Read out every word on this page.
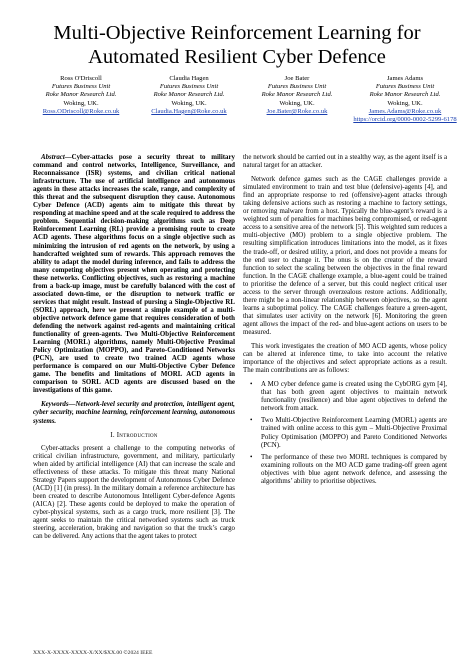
Multi-Objective Reinforcement Learning for Automated Resilient Cyber Defence
Ross O'Driscoll
Futures Business Unit
Roke Manor Research Ltd.
Woking, UK.
Ross.ODriscoll@Roke.co.uk
Claudia Hagen
Futures Business Unit
Roke Manor Research Ltd.
Woking, UK.
Claudia.Hagen@Roke.co.uk
Joe Bater
Futures Business Unit
Roke Manor Research Ltd.
Woking, UK.
Joe.Bater@Roke.co.uk
James Adams
Futures Business Unit
Roke Manor Research Ltd.
Woking, UK.
James.Adams@Roke.co.uk
https://orcid.org/0000-0002-5299-6178

Abstract—Cyber-attacks pose a security threat to military command and control networks, Intelligence, Surveillance, and Reconnaissance (ISR) systems, and civilian critical national infrastructure. The use of artificial intelligence and autonomous agents in these attacks increases the scale, range, and complexity of this threat and the subsequent disruption they cause. Autonomous Cyber Defence (ACD) agents aim to mitigate this threat by responding at machine speed and at the scale required to address the problem. Sequential decision-making algorithms such as Deep Reinforcement Learning (RL) provide a promising route to create ACD agents. These algorithms focus on a single objective such as minimizing the intrusion of red agents on the network, by using a handcrafted weighted sum of rewards. This approach removes the ability to adapt the model during inference, and fails to address the many competing objectives present when operating and protecting these networks. Conflicting objectives, such as restoring a machine from a back-up image, must be carefully balanced with the cost of associated down-time, or the disruption to network traffic or services that might result. Instead of pursing a Single-Objective RL (SORL) approach, here we present a simple example of a multi-objective network defence game that requires consideration of both defending the network against red-agents and maintaining critical functionality of green-agents. Two Multi-Objective Reinforcement Learning (MORL) algorithms, namely Multi-Objective Proximal Policy Optimization (MOPPO), and Pareto-Conditioned Networks (PCN), are used to create two trained ACD agents whose performance is compared on our Multi-Objective Cyber Defence game. The benefits and limitations of MORL ACD agents in comparison to SORL ACD agents are discussed based on the investigations of this game.

Keywords—Network-level security and protection, intelligent agent, cyber security, machine learning, reinforcement learning, autonomous systems.

I. Introduction

Cyber-attacks present a challenge to the computing networks of critical civilian infrastructure, government, and military, particularly when aided by artificial intelligence (AI) that can increase the scale and effectiveness of these attacks. To mitigate this threat many National Strategy Papers support the development of Autonomous Cyber Defence (ACD) [1] (in press). In the military domain a reference architecture has been created to describe Autonomous Intelligent Cyber-defence Agents (AICA) [2]. These agents could be deployed to make the operation of cyber-physical systems, such as a cargo truck, more resilient [3]. The agent seeks to maintain the critical networked systems such as truck steering, acceleration, braking and navigation so that the truck’s cargo can be delivered. Any actions that the agent takes to protect

the network should be carried out in a stealthy way, as the agent itself is a natural target for an attacker.

Network defence games such as the CAGE challenges provide a simulated environment to train and test blue (defensive)-agents [4], and find an appropriate response to red (offensive)-agent attacks through taking defensive actions such as restoring a machine to factory settings, or removing malware from a host. Typically the blue-agent’s reward is a weighted sum of penalties for machines being compromised, or red-agent access to a sensitive area of the network [5]. This weighted sum reduces a multi-objective (MO) problem to a single objective problem. The resulting simplification introduces limitations into the model, as it fixes the trade-off, or desired utility, a priori, and does not provide a means for the end user to change it. The onus is on the creator of the reward function to select the scaling between the objectives in the final reward function. In the CAGE challenge example, a blue-agent could be trained to prioritise the defence of a server, but this could neglect critical user access to the server through overzealous restore actions. Additionally, there might be a non-linear relationship between objectives, so the agent learns a suboptimal policy. The CAGE challenges feature a green-agent, that simulates user activity on the network [6]. Monitoring the green agent allows the impact of the red- and blue-agent actions on users to be measured.

This work investigates the creation of MO ACD agents, whose policy can be altered at inference time, to take into account the relative importance of the objectives and select appropriate actions as a result. The main contributions are as follows:

• A MO cyber defence game is created using the CybORG gym [4], that has both green agent objectives to maintain network functionality (resilience) and blue agent objectives to defend the network from attack.
• Two Multi-Objective Reinforcement Learning (MORL) agents are trained with online access to this gym – Multi-Objective Proximal Policy Optimisation (MOPPO) and Pareto Conditioned Networks (PCN).
• The performance of these two MORL techniques is compared by examining rollouts on the MO ACD game trading-off green agent objectives with blue agent network defence, and assessing the algorithms’ ability to prioritise objectives.
XXX-X-XXXX-XXXX-X/XX/$XX.00 ©2024 IEEE
